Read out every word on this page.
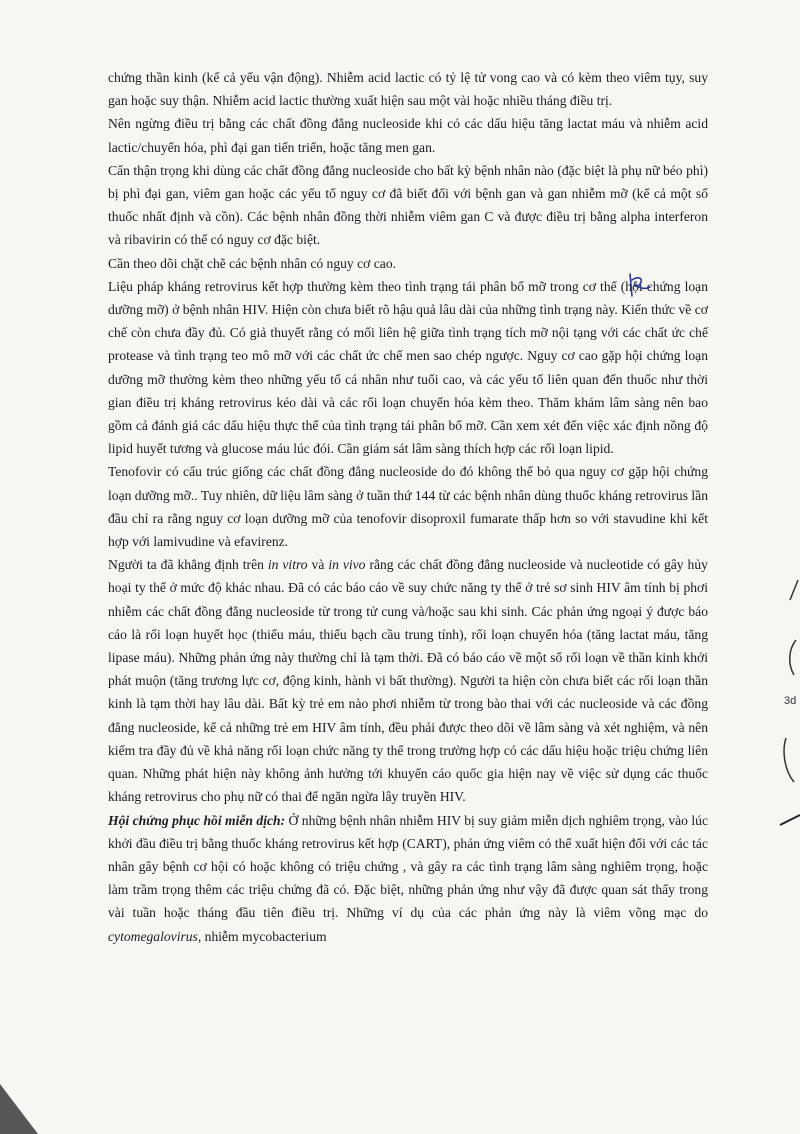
chứng thần kinh (kể cả yếu vận động). Nhiễm acid lactic có tỷ lệ tử vong cao và có kèm theo viêm tụy, suy gan hoặc suy thận. Nhiễm acid lactic thường xuất hiện sau một vài hoặc nhiều tháng điều trị.

Nên ngừng điều trị bằng các chất đồng đẳng nucleoside khi có các dấu hiệu tăng lactat máu và nhiễm acid lactic/chuyển hóa, phì đại gan tiến triển, hoặc tăng men gan.

Cẩn thận trọng khi dùng các chất đồng đẳng nucleoside cho bất kỳ bệnh nhân nào (đặc biệt là phụ nữ béo phì) bị phì đại gan, viêm gan hoặc các yếu tố nguy cơ đã biết đối với bệnh gan và gan nhiễm mỡ (kể cả một số thuốc nhất định và cồn). Các bệnh nhân đồng thời nhiễm viêm gan C và được điều trị bằng alpha interferon và ribavirin có thể có nguy cơ đặc biệt.

Cần theo dõi chặt chẽ các bệnh nhân có nguy cơ cao.

Liệu pháp kháng retrovirus kết hợp thường kèm theo tình trạng tái phân bố mỡ trong cơ thể (hội chứng loạn dưỡng mỡ) ở bệnh nhân HIV. Hiện còn chưa biết rõ hậu quả lâu dài của những tình trạng này. Kiến thức về cơ chế còn chưa đầy đủ. Có giả thuyết rằng có mối liên hệ giữa tình trạng tích mỡ nội tạng với các chất ức chế protease và tình trạng teo mô mỡ với các chất ức chế men sao chép ngược. Nguy cơ cao gặp hội chứng loạn dưỡng mỡ thường kèm theo những yếu tố cá nhân như tuổi cao, và các yếu tố liên quan đến thuốc như thời gian điều trị kháng retrovirus kéo dài và các rối loạn chuyển hóa kèm theo. Thăm khám lâm sàng nên bao gồm cả đánh giá các dấu hiệu thực thể của tình trạng tái phân bố mỡ. Cần xem xét đến việc xác định nồng độ lipid huyết tương và glucose máu lúc đói. Cần giám sát lâm sàng thích hợp các rối loạn lipid.

Tenofovir có cấu trúc giống các chất đồng đẳng nucleoside do đó không thể bỏ qua nguy cơ gặp hội chứng loạn dưỡng mỡ.. Tuy nhiên, dữ liệu lâm sàng ở tuần thứ 144 từ các bệnh nhân dùng thuốc kháng retrovirus lần đầu chỉ ra rằng nguy cơ loạn dưỡng mỡ của tenofovir disoproxil fumarate thấp hơn so với stavudine khi kết hợp với lamivudine và efavirenz.

Người ta đã khẳng định trên in vitro và in vivo rằng các chất đồng đẳng nucleoside và nucleotide có gây hủy hoại ty thể ở mức độ khác nhau. Đã có các báo cáo về suy chức năng ty thể ở trẻ sơ sinh HIV âm tính bị phơi nhiễm các chất đồng đẳng nucleoside từ trong tử cung và/hoặc sau khi sinh. Các phản ứng ngoại ý được báo cáo là rối loạn huyết học (thiếu máu, thiếu bạch cầu trung tính), rối loạn chuyển hóa (tăng lactat máu, tăng lipase máu). Những phản ứng này thường chỉ là tạm thời. Đã có báo cáo về một số rối loạn về thần kinh khởi phát muộn (tăng trương lực cơ, động kinh, hành vi bất thường). Người ta hiện còn chưa biết các rối loạn thần kinh là tạm thời hay lâu dài. Bất kỳ trẻ em nào phơi nhiễm từ trong bào thai với các nucleoside và các đồng đẳng nucleoside, kể cả những trẻ em HIV âm tính, đều phải được theo dõi về lâm sàng và xét nghiệm, và nên kiểm tra đầy đủ về khả năng rối loạn chức năng ty thể trong trường hợp có các dấu hiệu hoặc triệu chứng liên quan. Những phát hiện này không ảnh hưởng tới khuyến cáo quốc gia hiện nay về việc sử dụng các thuốc kháng retrovirus cho phụ nữ có thai để ngăn ngừa lây truyền HIV.

Hội chứng phục hồi miễn dịch: Ở những bệnh nhân nhiễm HIV bị suy giảm miễn dịch nghiêm trọng, vào lúc khởi đầu điều trị bằng thuốc kháng retrovirus kết hợp (CART), phản ứng viêm có thể xuất hiện đối với các tác nhân gây bệnh cơ hội có hoặc không có triệu chứng , và gây ra các tình trạng lâm sàng nghiêm trọng, hoặc làm trầm trọng thêm các triệu chứng đã có. Đặc biệt, những phản ứng như vậy đã được quan sát thấy trong vài tuần hoặc tháng đầu tiên điều trị. Những ví dụ của các phản ứng này là viêm võng mạc do cytomegalovirus, nhiễm mycobacterium

3d
